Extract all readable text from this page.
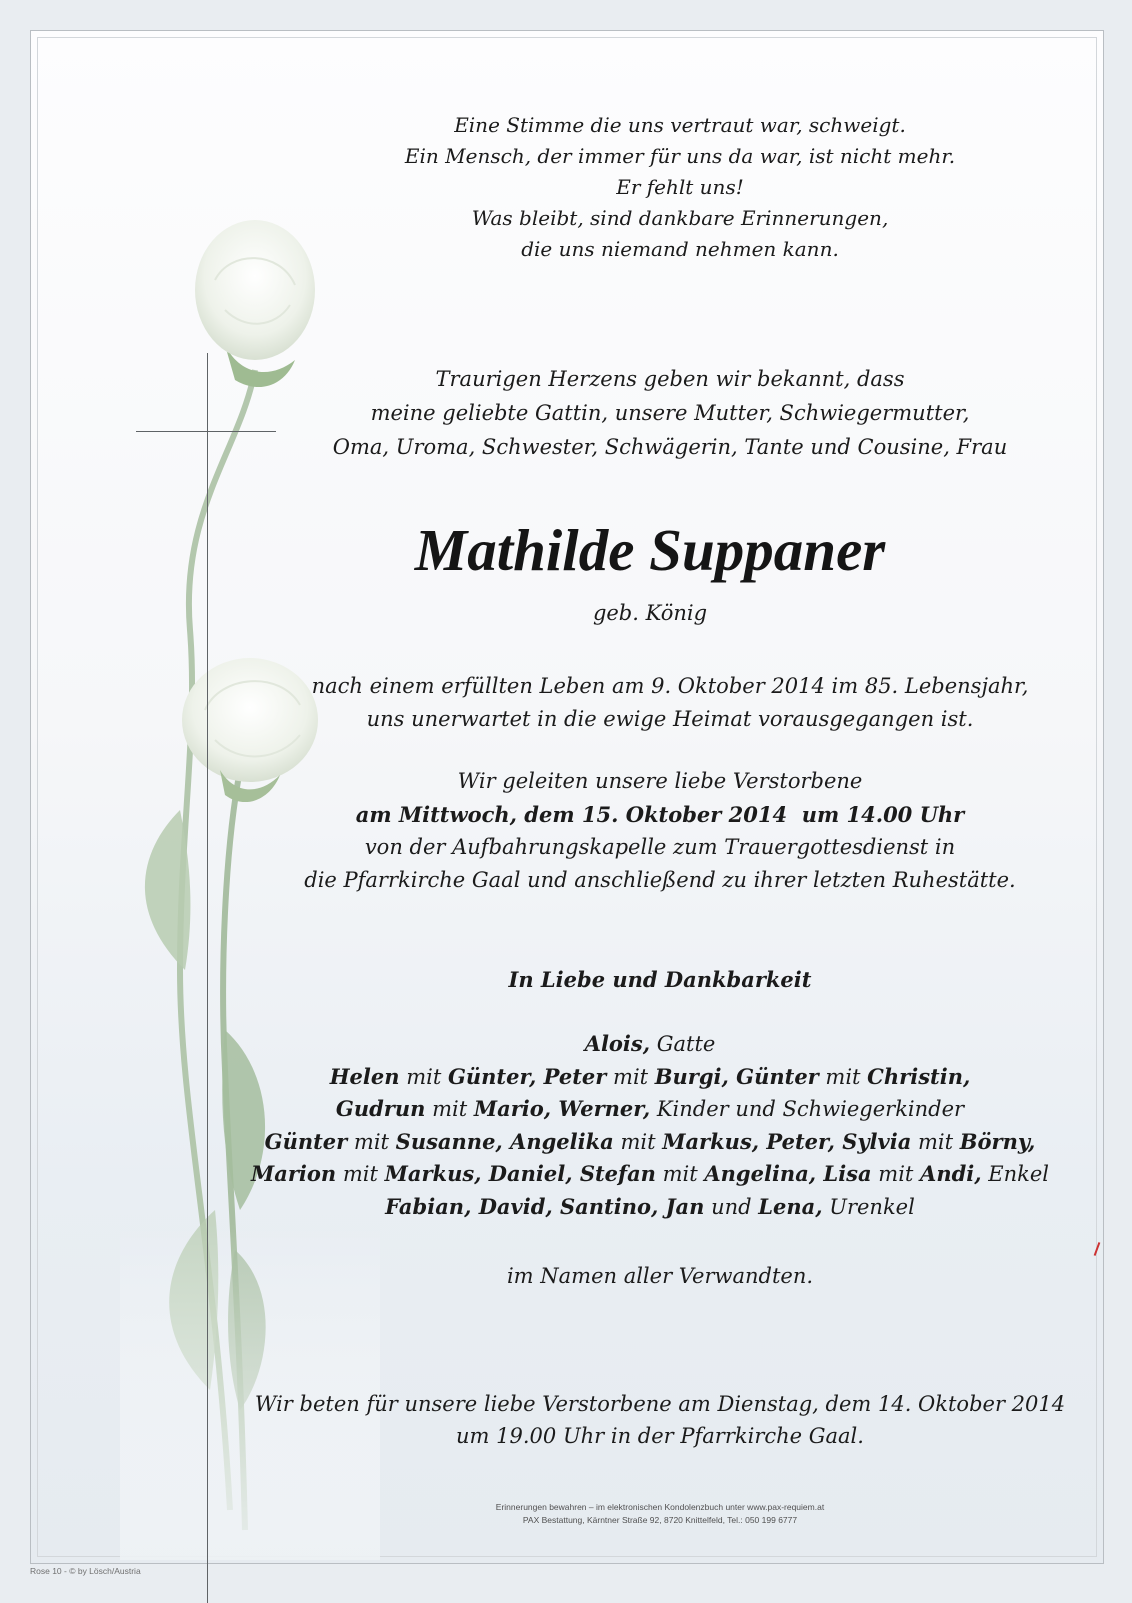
Eine Stimme die uns vertraut war, schweigt.
Ein Mensch, der immer für uns da war, ist nicht mehr.
Er fehlt uns!
Was bleibt, sind dankbare Erinnerungen,
die uns niemand nehmen kann.
Traurigen Herzens geben wir bekannt, dass
meine geliebte Gattin, unsere Mutter, Schwiegermutter,
Oma, Uroma, Schwester, Schwägerin, Tante und Cousine, Frau
Mathilde Suppaner
geb. König
nach einem erfüllten Leben am 9. Oktober 2014 im 85. Lebensjahr,
uns unerwartet in die ewige Heimat vorausgegangen ist.
Wir geleiten unsere liebe Verstorbene
am Mittwoch, dem 15. Oktober 2014  um 14.00 Uhr
von der Aufbahrungskapelle zum Trauergottesdienst in
die Pfarrkirche Gaal und anschließend zu ihrer letzten Ruhestätte.
In Liebe und Dankbarkeit
Alois, Gatte
Helen mit Günter, Peter mit Burgi, Günter mit Christin,
Gudrun mit Mario, Werner, Kinder und Schwiegerkinder
Günter mit Susanne, Angelika mit Markus, Peter, Sylvia mit Börny,
Marion mit Markus, Daniel, Stefan mit Angelina, Lisa mit Andi, Enkel
Fabian, David, Santino, Jan und Lena, Urenkel
im Namen aller Verwandten.
Wir beten für unsere liebe Verstorbene am Dienstag, dem 14. Oktober 2014
um 19.00 Uhr in der Pfarrkirche Gaal.
Erinnerungen bewahren – im elektronischen Kondolenzbuch unter www.pax-requiem.at
PAX Bestattung, Kärntner Straße 92, 8720 Knittelfeld, Tel.: 050 199 6777
Rose 10 - © by Lösch/Austria
